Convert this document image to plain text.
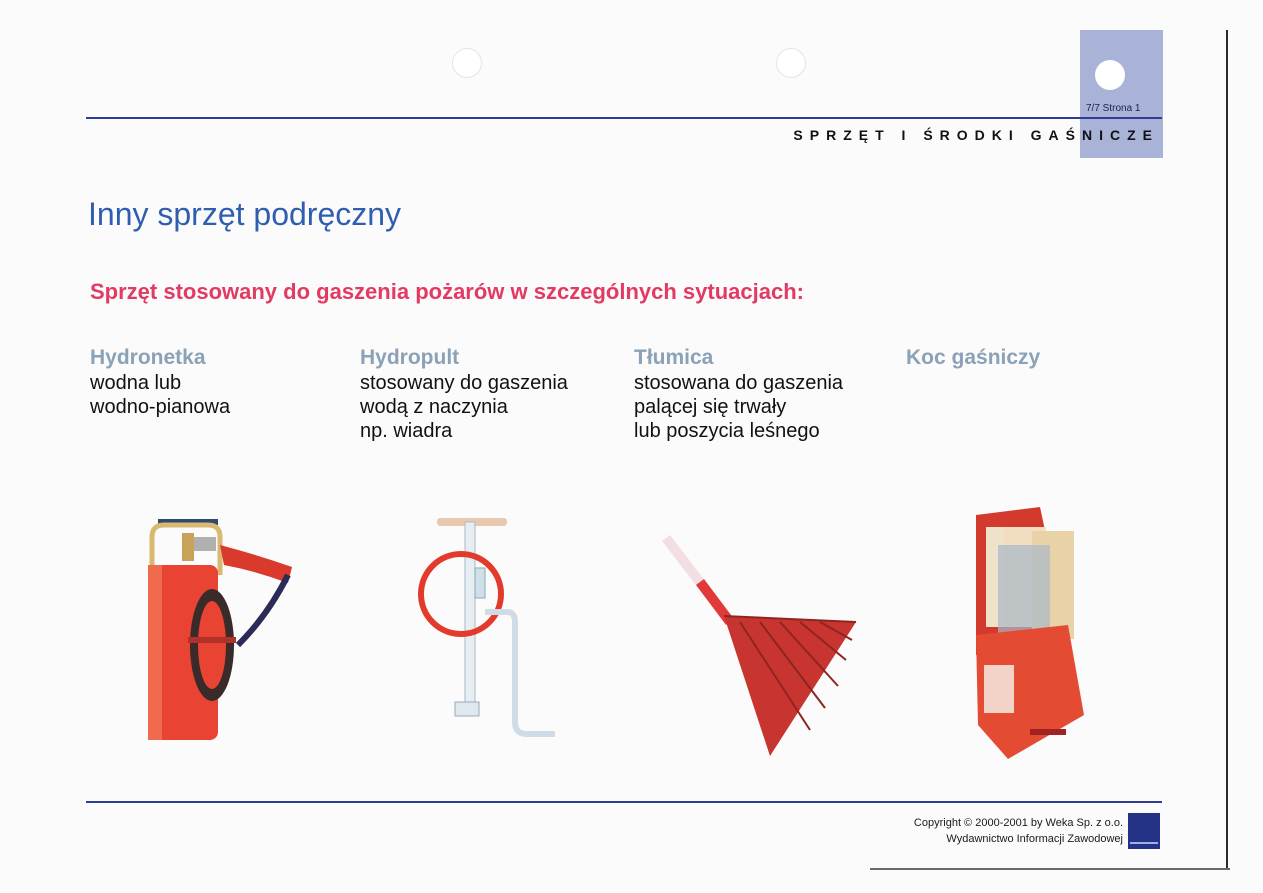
7/7 Strona 1
SPRZĘT I ŚRODKI GAŚNICZE
Inny sprzęt podręczny
Sprzęt stosowany do gaszenia pożarów w szczególnych sytuacjach:
Hydronetka
wodna lub
wodno-pianowa
Hydropult
stosowany do gaszenia
wodą z naczynia
np. wiadra
Tłumica
stosowana do gaszenia
palącej się trwały
lub poszycia leśnego
Koc gaśniczy
Copyright © 2000-2001 by Weka Sp. z o.o.
Wydawnictwo Informacji Zawodowej
